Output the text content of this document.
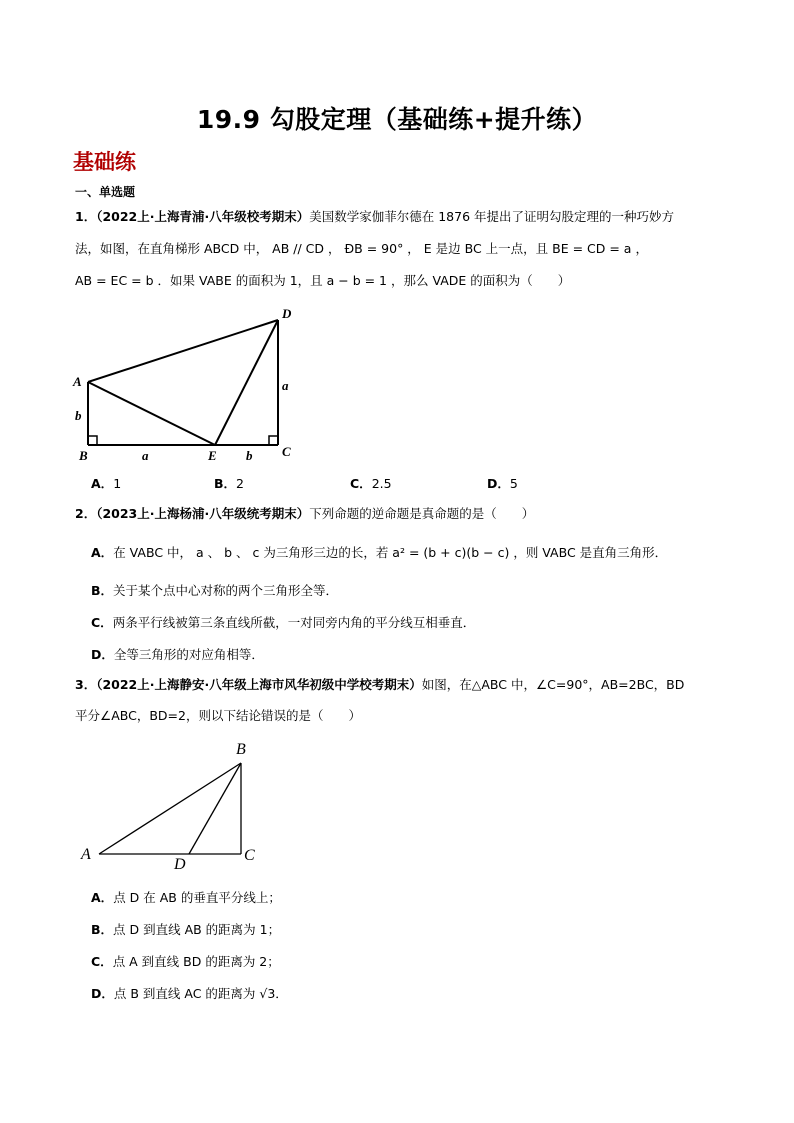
19.9 勾股定理（基础练+提升练）
基础练
一、单选题
1．（2022上·上海青浦·八年级校考期末）美国数学家伽菲尔德在 1876 年提出了证明勾股定理的一种巧妙方
法，如图，在直角梯形 ABCD 中， AB // CD ， ÐB = 90° ， E 是边 BC 上一点，且 BE = CD = a ，
AB = EC = b ．如果 VABE 的面积为 1，且 a − b = 1 ，那么 VADE 的面积为（　　）
A
B	E	C
D
a	b
a
b
A．1	B．2	C．2.5	D．5
2．（2023上·上海杨浦·八年级统考期末）下列命题的逆命题是真命题的是（　　）
A．在 VABC 中， a 、 b 、 c 为三角形三边的长，若 a² = (b + c)(b − c) ，则 VABC 是直角三角形．
B．关于某个点中心对称的两个三角形全等．
C．两条平行线被第三条直线所截，一对同旁内角的平分线互相垂直．
D．全等三角形的对应角相等．
3．（2022上·上海静安·八年级上海市风华初级中学校考期末）如图，在△ABC 中，∠C=90°，AB=2BC，BD
平分∠ABC，BD=2，则以下结论错误的是（　　）
A
B
C
D
A．点 D 在 AB 的垂直平分线上；
B．点 D 到直线 AB 的距离为 1；
C．点 A 到直线 BD 的距离为 2；
D．点 B 到直线 AC 的距离为 √3．
